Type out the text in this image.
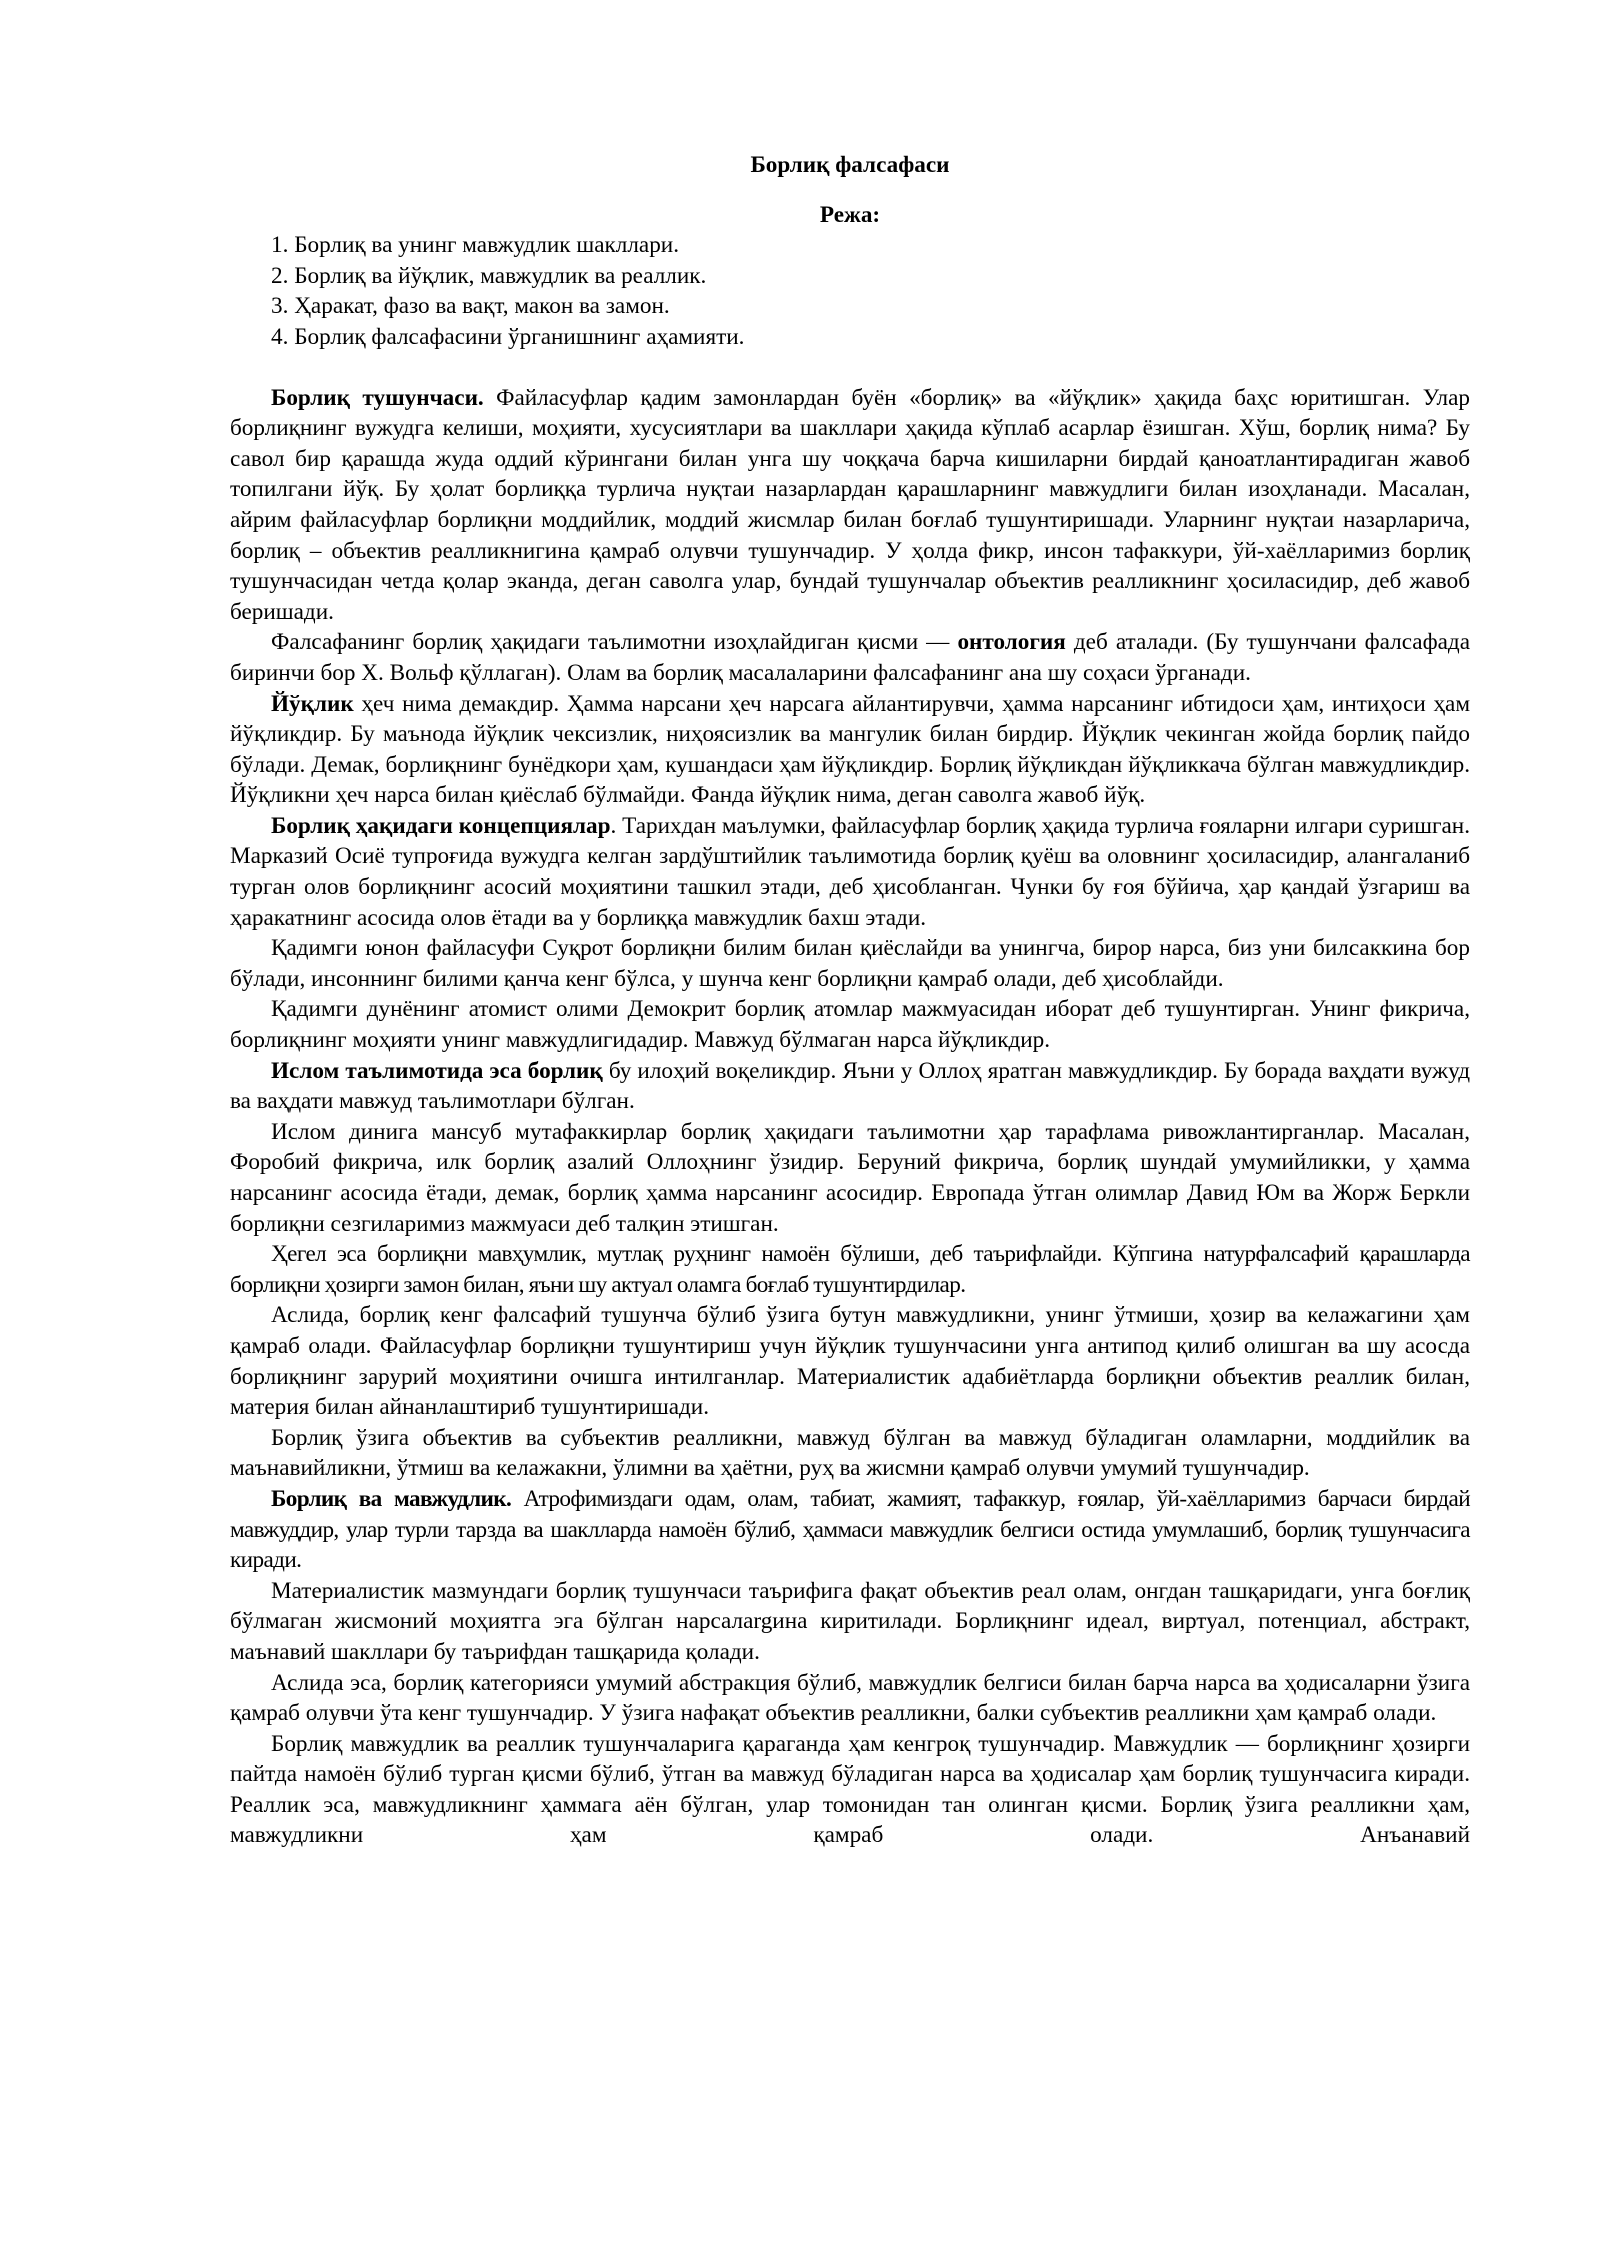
Борлиқ фалсафаси
Режа:
1. Борлиқ ва унинг мавжудлик шакллари.
2. Борлиқ ва йўқлик, мавжудлик ва реаллик.
3. Ҳаракат, фазо ва вақт, макон ва замон.
4. Борлиқ фалсафасини ўрганишнинг аҳамияти.

Борлиқ тушунчаси. Файласуфлар қадим замонлардан буён «борлиқ» ва «йўқлик» ҳақида баҳс юритишган. Улар борлиқнинг вужудга келиши, моҳияти, хусусиятлари ва шакллари ҳақида кўплаб асарлар ёзишган. Хўш, борлиқ нима? Бу савол бир қарашда жуда оддий кўрингани билан унга шу чоққача барча кишиларни бирдай қаноатлантирадиган жавоб топилгани йўқ. Бу ҳолат борлиққа турлича нуқтаи назарлардан қарашларнинг мавжудлиги билан изоҳланади. Масалан, айрим файласуфлар борлиқни моддийлик, моддий жисмлар билан боғлаб тушунтиришади. Уларнинг нуқтаи назарларича, борлиқ – объектив реалликнигина қамраб олувчи тушунчадир. У ҳолда фикр, инсон тафаккури, ўй-хаёлларимиз борлиқ тушунчасидан четда қолар эканда, деган саволга улар, бундай тушунчалар объектив реалликнинг ҳосиласидир, деб жавоб беришади.

Фалсафанинг борлиқ ҳақидаги таълимотни изоҳлайдиган қисми — онтология деб аталади. (Бу тушунчани фалсафада биринчи бор Х. Вольф қўллаган). Олам ва борлиқ масалаларини фалсафанинг ана шу соҳаси ўрганади.

Йўқлик ҳеч нима демакдир. Ҳамма нарсани ҳеч нарсага айлантирувчи, ҳамма нарсанинг ибтидоси ҳам, интиҳоси ҳам йўқликдир. Бу маънода йўқлик чексизлик, ниҳоясизлик ва мангулик билан бирдир. Йўқлик чекинган жойда борлиқ пайдо бўлади. Демак, борлиқнинг бунёдкори ҳам, кушандаси ҳам йўқликдир. Борлиқ йўқликдан йўқликкача бўлган мавжудликдир. Йўқликни ҳеч нарса билан қиёслаб бўлмайди. Фанда йўқлик нима, деган саволга жавоб йўқ.

Борлиқ ҳақидаги концепциялар. Тарихдан маълумки, файласуфлар борлиқ ҳақида турлича ғояларни илгари суришган. Марказий Осиё тупроғида вужудга келган зардўштийлик таълимотида борлиқ қуёш ва оловнинг ҳосиласидир, алангаланиб турган олов борлиқнинг асосий моҳиятини ташкил этади, деб ҳисобланган. Чунки бу ғоя бўйича, ҳар қандай ўзгариш ва ҳаракатнинг асосида олов ётади ва у борлиққа мавжудлик бахш этади.

Қадимги юнон файласуфи Суқрот борлиқни билим билан қиёслайди ва унингча, бирор нарса, биз уни билсаккина бор бўлади, инсоннинг билими қанча кенг бўлса, у шунча кенг борлиқни қамраб олади, деб ҳисоблайди.

Қадимги дунёнинг атомист олими Демокрит борлиқ атомлар мажмуасидан иборат деб тушунтирган. Унинг фикрича, борлиқнинг моҳияти унинг мавжудлигидадир. Мавжуд бўлмаган нарса йўқликдир.

Ислом таълимотида эса борлиқ бу илоҳий воқеликдир. Яъни у Оллоҳ яратган мавжудликдир. Бу борада ваҳдати вужуд ва ваҳдати мавжуд таълимотлари бўлган.

Ислом динига мансуб мутафаккирлар борлиқ ҳақидаги таълимотни ҳар тарафлама ривожлантирганлар. Масалан, Форобий фикрича, илк борлиқ азалий Оллоҳнинг ўзидир. Беруний фикрича, борлиқ шундай умумийликки, у ҳамма нарсанинг асосида ётади, демак, борлиқ ҳамма нарсанинг асосидир. Европада ўтган олимлар Давид Юм ва Жорж Беркли борлиқни сезгиларимиз мажмуаси деб талқин этишган.

Ҳегел эса борлиқни мавҳумлик, мутлақ руҳнинг намоён бўлиши, деб таърифлайди. Кўпгина натурфалсафий қарашларда борлиқни ҳозирги замон билан, яъни шу актуал оламга боғлаб тушунтирдилар.

Аслида, борлиқ кенг фалсафий тушунча бўлиб ўзига бутун мавжудликни, унинг ўтмиши, ҳозир ва келажагини ҳам қамраб олади. Файласуфлар борлиқни тушунтириш учун йўқлик тушунчасини унга антипод қилиб олишган ва шу асосда борлиқнинг зарурий моҳиятини очишга интилганлар. Материалистик адабиётларда борлиқни объектив реаллик билан, материя билан айнанлаштириб тушунтиришади.

Борлиқ ўзига объектив ва субъектив реалликни, мавжуд бўлган ва мавжуд бўладиган оламларни, моддийлик ва маънавийликни, ўтмиш ва келажакни, ўлимни ва ҳаётни, руҳ ва жисмни қамраб олувчи умумий тушунчадир.

Борлиқ ва мавжудлик. Атрофимиздаги одам, олам, табиат, жамият, тафаккур, ғоялар, ўй-хаёлларимиз барчаси бирдай мавжуддир, улар турли тарзда ва шаклларда намоён бўлиб, ҳаммаси мавжудлик белгиси остида умумлашиб, борлиқ тушунчасига киради.

Материалистик мазмундаги борлиқ тушунчаси таърифига фақат объектив реал олам, онгдан ташқаридаги, унга боғлиқ бўлмаган жисмоний моҳиятга эга бўлган нарсалargина киритилади. Борлиқнинг идеал, виртуал, потенциал, абстракт, маънавий шакллари бу таърифдан ташқарида қолади.

Аслида эса, борлиқ категорияси умумий абстракция бўлиб, мавжудлик белгиси билан барча нарса ва ҳодисаларни ўзига қамраб олувчи ўта кенг тушунчадир. У ўзига нафақат объектив реалликни, балки субъектив реалликни ҳам қамраб олади.

Борлиқ мавжудлик ва реаллик тушунчаларига қараганда ҳам кенгроқ тушунчадир. Мавжудлик — борлиқнинг ҳозирги пайтда намоён бўлиб турган қисми бўлиб, ўтган ва мавжуд бўладиган нарса ва ҳодисалар ҳам борлиқ тушунчасига киради. Реаллик эса, мавжудликнинг ҳаммага аён бўлган, улар томонидан тан олинган қисми. Борлиқ ўзига реалликни ҳам, мавжудликни ҳам қамраб олади. Анъанавий
